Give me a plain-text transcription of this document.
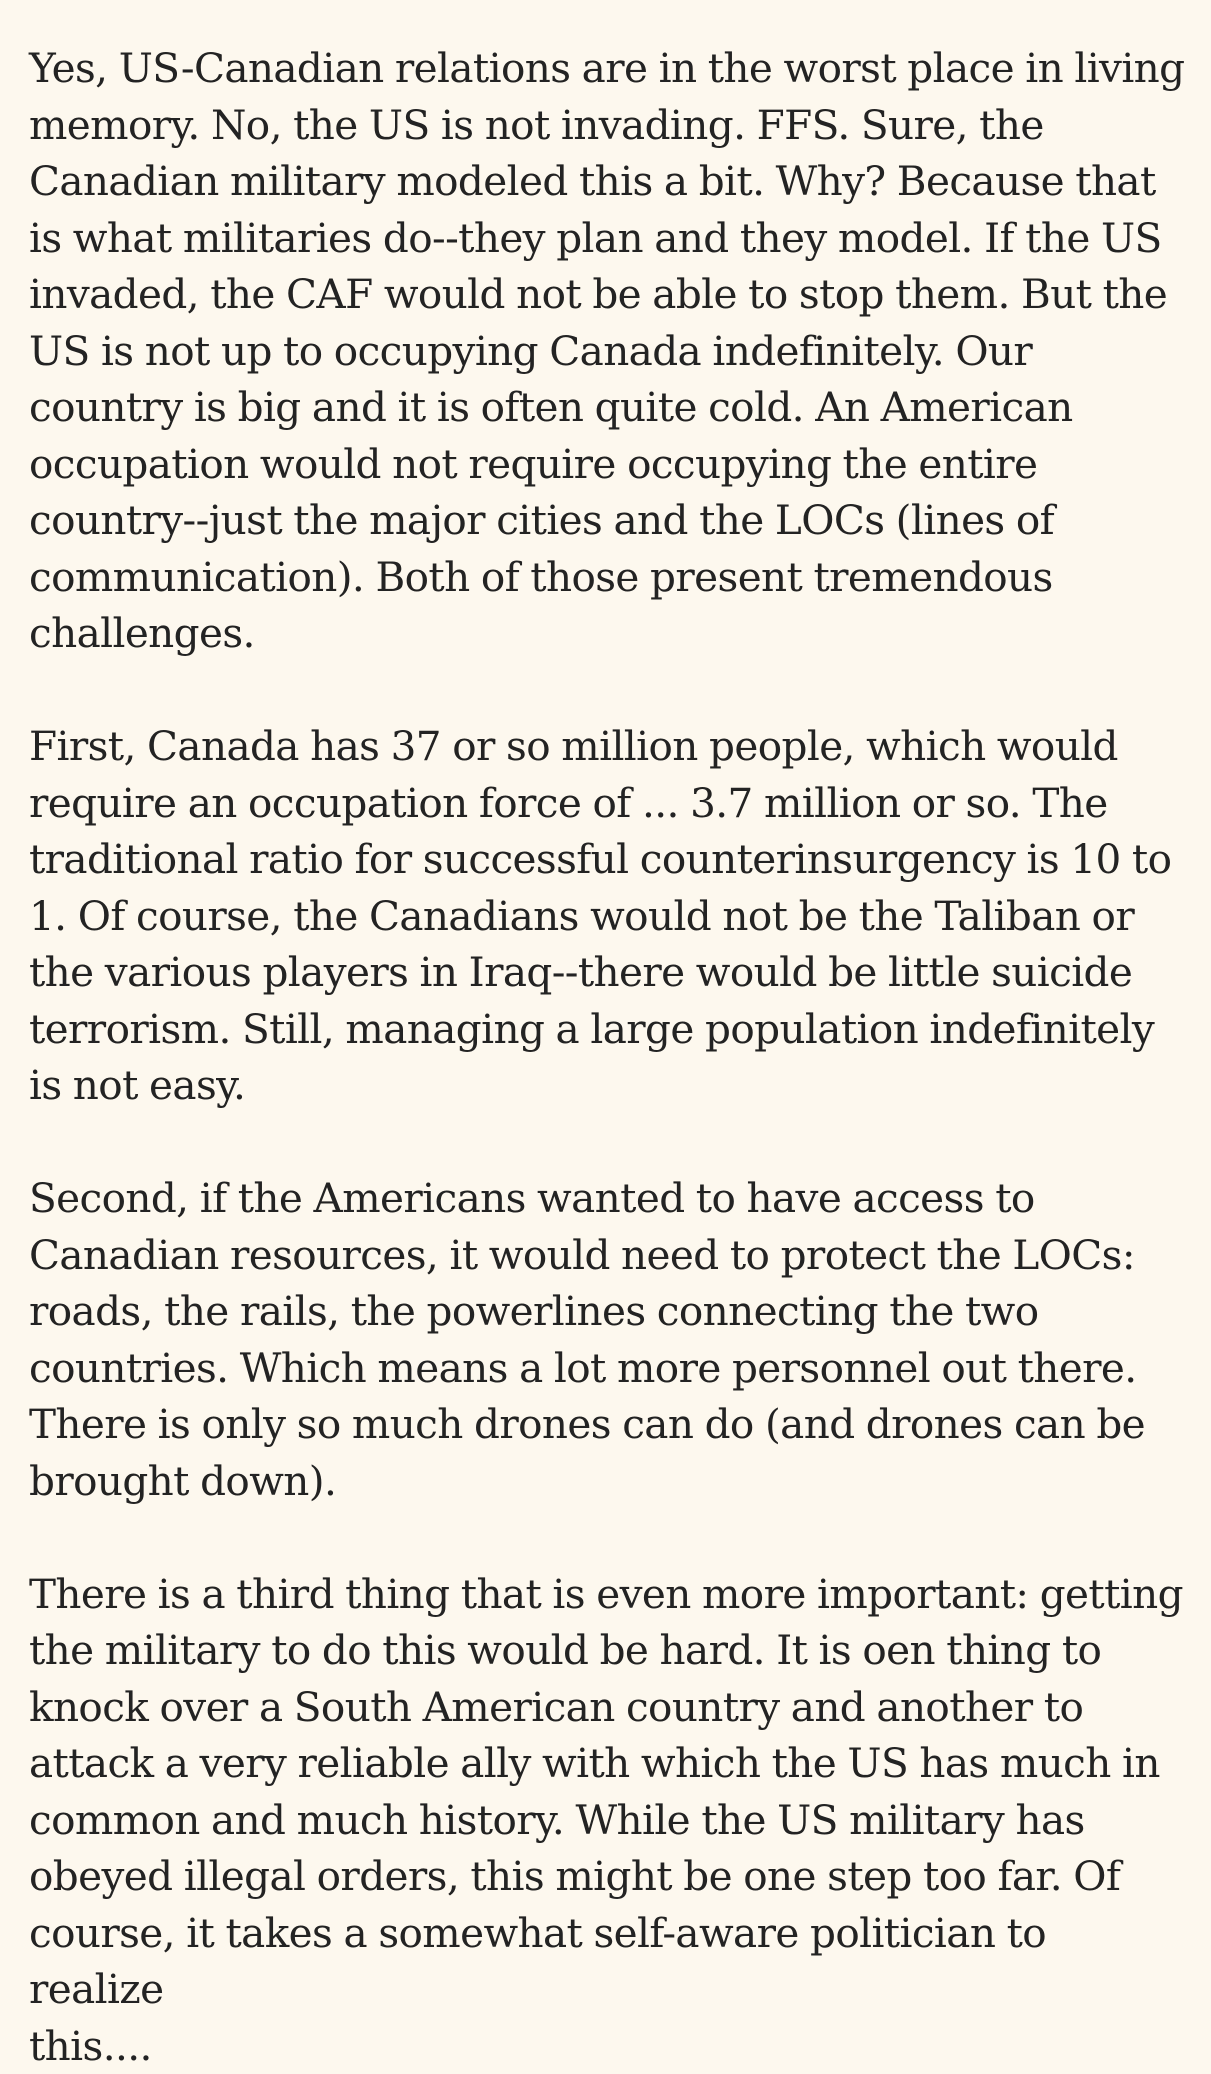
Yes, US-Canadian relations are in the worst place in living
memory. No, the US is not invading. FFS. Sure, the
Canadian military modeled this a bit. Why? Because that
is what militaries do--they plan and they model. If the US
invaded, the CAF would not be able to stop them. But the
US is not up to occupying Canada indefinitely. Our
country is big and it is often quite cold. An American
occupation would not require occupying the entire
country--just the major cities and the LOCs (lines of
communication). Both of those present tremendous
challenges.

First, Canada has 37 or so million people, which would
require an occupation force of ... 3.7 million or so. The
traditional ratio for successful counterinsurgency is 10 to
1. Of course, the Canadians would not be the Taliban or
the various players in Iraq--there would be little suicide
terrorism. Still, managing a large population indefinitely
is not easy.

Second, if the Americans wanted to have access to
Canadian resources, it would need to protect the LOCs:
roads, the rails, the powerlines connecting the two
countries. Which means a lot more personnel out there.
There is only so much drones can do (and drones can be
brought down).

There is a third thing that is even more important: getting
the military to do this would be hard. It is oen thing to
knock over a South American country and another to
attack a very reliable ally with which the US has much in
common and much history. While the US military has
obeyed illegal orders, this might be one step too far. Of
course, it takes a somewhat self-aware politician to realize
this....
